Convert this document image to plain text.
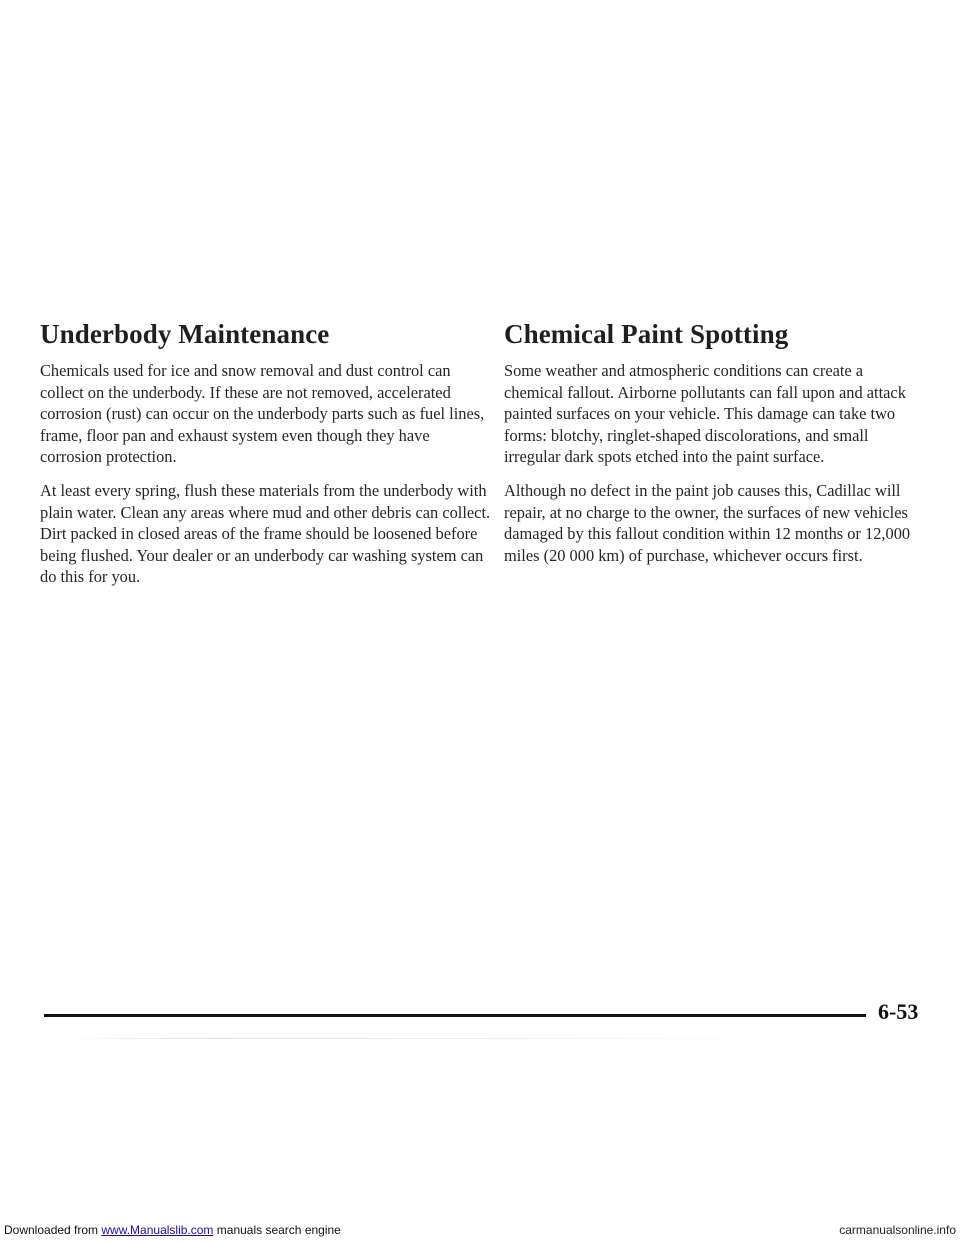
Underbody Maintenance

Chemicals used for ice and snow removal and dust control can collect on the underbody. If these are not removed, accelerated corrosion (rust) can occur on the underbody parts such as fuel lines, frame, floor pan and exhaust system even though they have corrosion protection.

At least every spring, flush these materials from the underbody with plain water. Clean any areas where mud and other debris can collect. Dirt packed in closed areas of the frame should be loosened before being flushed. Your dealer or an underbody car washing system can do this for you.

Chemical Paint Spotting

Some weather and atmospheric conditions can create a chemical fallout. Airborne pollutants can fall upon and attack painted surfaces on your vehicle. This damage can take two forms: blotchy, ringlet-shaped discolorations, and small irregular dark spots etched into the paint surface.

Although no defect in the paint job causes this, Cadillac will repair, at no charge to the owner, the surfaces of new vehicles damaged by this fallout condition within 12 months or 12,000 miles (20 000 km) of purchase, whichever occurs first.

6-53
Downloaded from www.Manualslib.com manuals search engine	carmanualsonline.info
